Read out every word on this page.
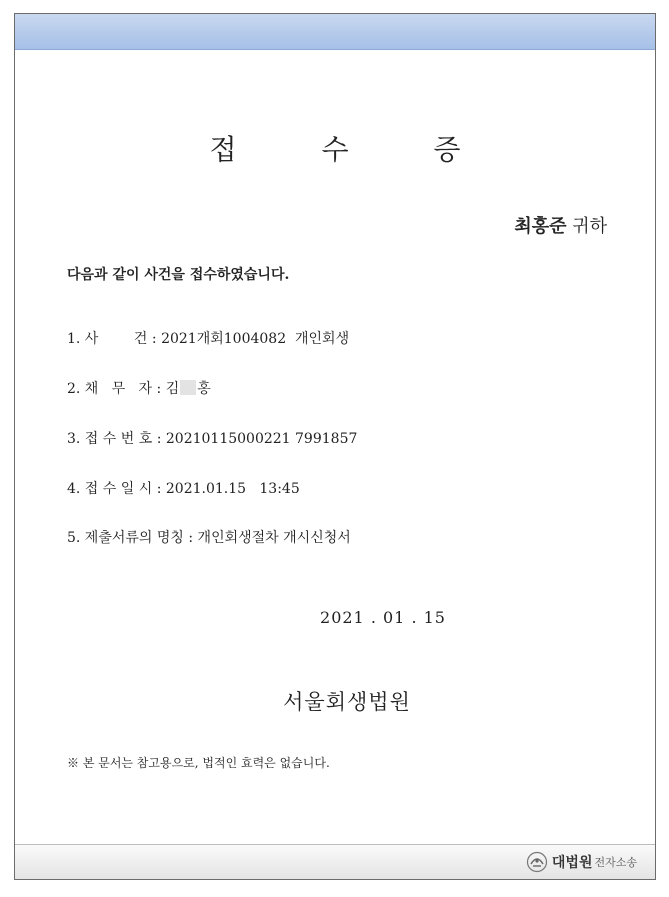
접 수 증
최홍준 귀하
다음과 같이 사건을 접수하였습니다.
1. 사        건 : 2021개회1004082  개인회생
2. 채   무   자 : 김 홍
3. 접 수 번 호 : 20210115000221 7991857
4. 접 수 일 시 : 2021.01.15   13:45
5. 제출서류의 명칭 : 개인회생절차 개시신청서
2021 . 01 . 15
서울회생법원
※ 본 문서는 참고용으로, 법적인 효력은 없습니다.
대법원 전자소송
